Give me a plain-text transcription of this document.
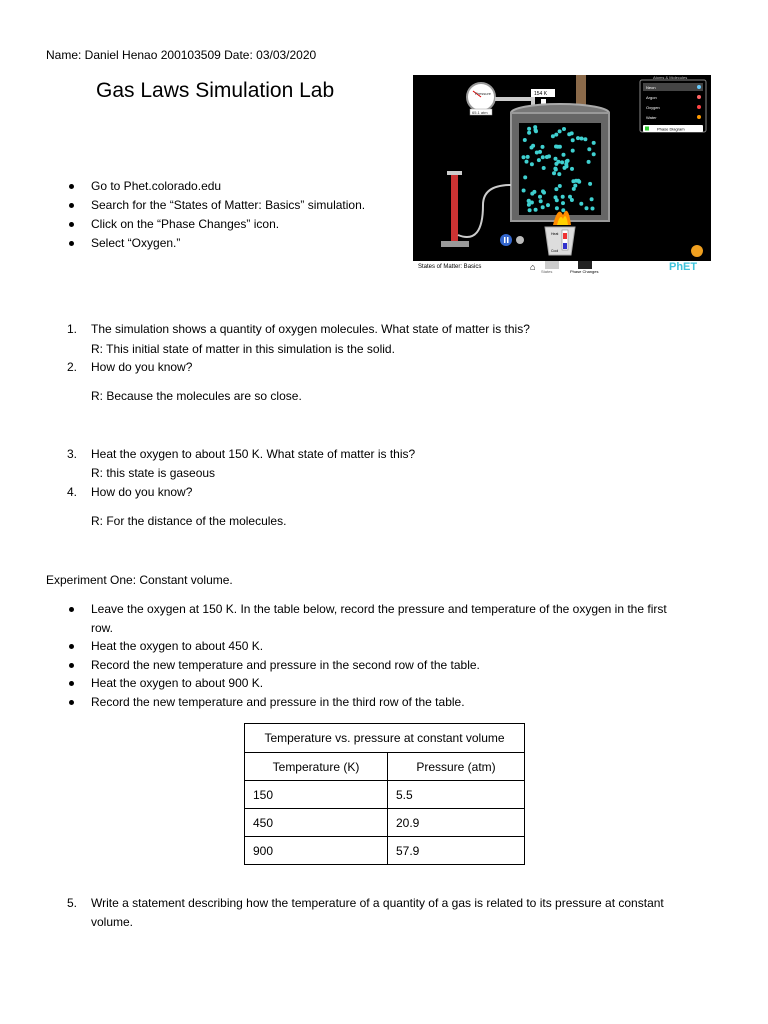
Name: Daniel Henao 200103509 Date: 03/03/2020
Gas Laws Simulation Lab
Go to Phet.colorado.edu
Search for the “States of Matter: Basics” simulation.
Click on the “Phase Changes” icon.
Select “Oxygen.”
Pressure
65.1 atm
154 K
Heat
Cool
Atoms & Molecules
Neon
Argon
Oxygen
Water
Phase Diagram
States of Matter: Basics	⌂ States	Phase Changes	PhET
1. The simulation shows a quantity of oxygen molecules. What state of matter is this?
R: This initial state of matter in this simulation is the solid.
2. How do you know?
R: Because the molecules are so close.
3. Heat the oxygen to about 150 K. What state of matter is this?
R: this state is gaseous
4. How do you know?
R: For the distance of the molecules.
Experiment One: Constant volume.
Leave the oxygen at 150 K. In the table below, record the pressure and temperature of the oxygen in the first
row.
Heat the oxygen to about 450 K.
Record the new temperature and pressure in the second row of the table.
Heat the oxygen to about 900 K.
Record the new temperature and pressure in the third row of the table.
Temperature vs. pressure at constant volume	
Temperature (K)	Pressure (atm)
150	5.5
450	20.9
900	57.9
5. Write a statement describing how the temperature of a quantity of a gas is related to its pressure at constant
volume.
